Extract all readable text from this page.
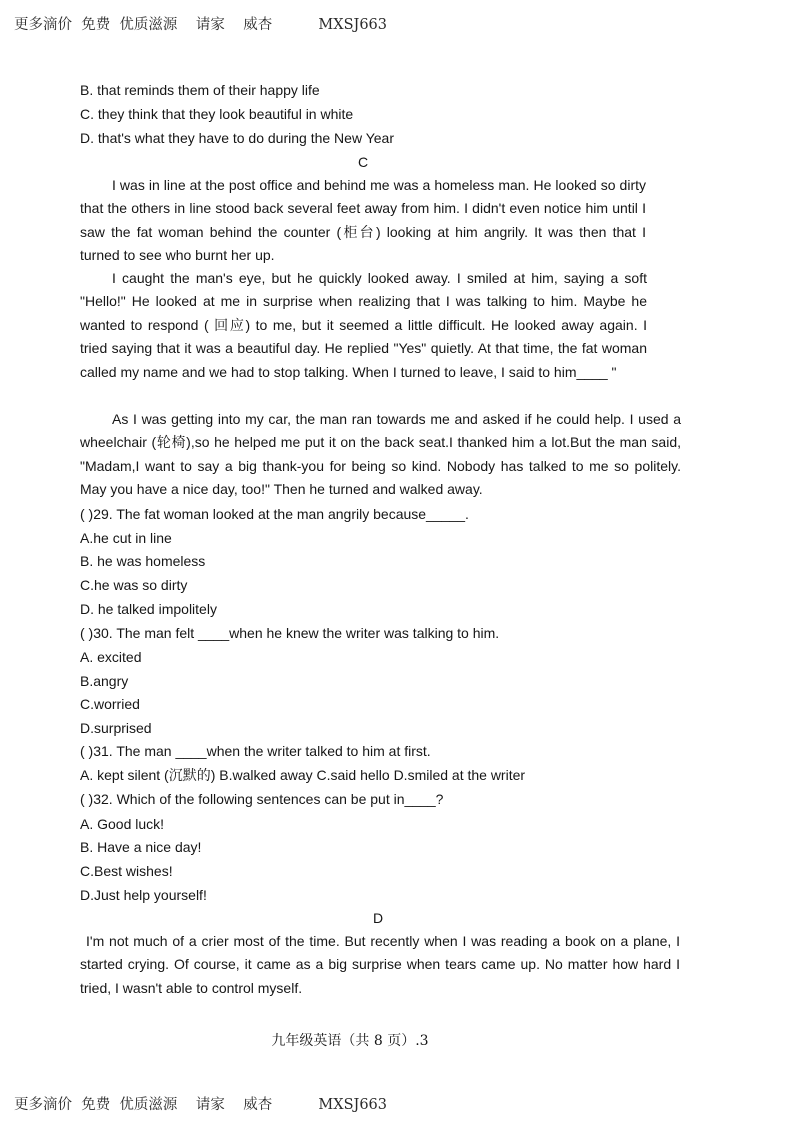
更多滴价  免费  优质滋源    请家    威杏          MXSJ663
B. that reminds them of their happy life
C. they think that they look beautiful in white
D. that's what they have to do during the New Year
C
I was in line at the post office and behind me was a homeless man. He looked so dirty that the others in line stood back several feet away from him. I didn't even notice him until I saw the fat woman behind the counter (柜台) looking at him angrily. It was then that I turned to see who burnt her up.
I caught the man's eye, but he quickly looked away. I smiled at him, saying a soft "Hello!" He looked at me in surprise when realizing that I was talking to him. Maybe he wanted to respond ( 回应) to me, but it seemed a little difficult. He looked away again. I tried saying that it was a beautiful day. He replied "Yes" quietly. At that time, the fat woman called my name and we had to stop talking. When I turned to leave, I said to him____ "
As I was getting into my car, the man ran towards me and asked if he could help. I used a wheelchair (轮椅),so he helped me put it on the back seat.I thanked him a lot.But the man said, "Madam,I want to say a big thank-you for being so kind. Nobody has talked to me so politely. May you have a nice day, too!" Then he turned and walked away.
( )29. The fat woman looked at the man angrily because_____.
A.he cut in line
B. he was homeless
C.he was so dirty
D. he talked impolitely
( )30. The man felt ____when he knew the writer was talking to him.
A. excited
B.angry
C.worried
D.surprised
( )31. The man ____when the writer talked to him at first.
A. kept silent (沉默的) B.walked away C.said hello D.smiled at the writer
( )32. Which of the following sentences can be put in____?
A. Good luck!
B. Have a nice day!
C.Best wishes!
D.Just help yourself!
D
I'm not much of a crier most of the time. But recently when I was reading a book on a plane, I started crying. Of course, it came as a big surprise when tears came up. No matter how hard I tried, I wasn't able to control myself.
九年级英语（共 8 页）.3
更多滴价  免费  优质滋源    请家    威杏          MXSJ663
